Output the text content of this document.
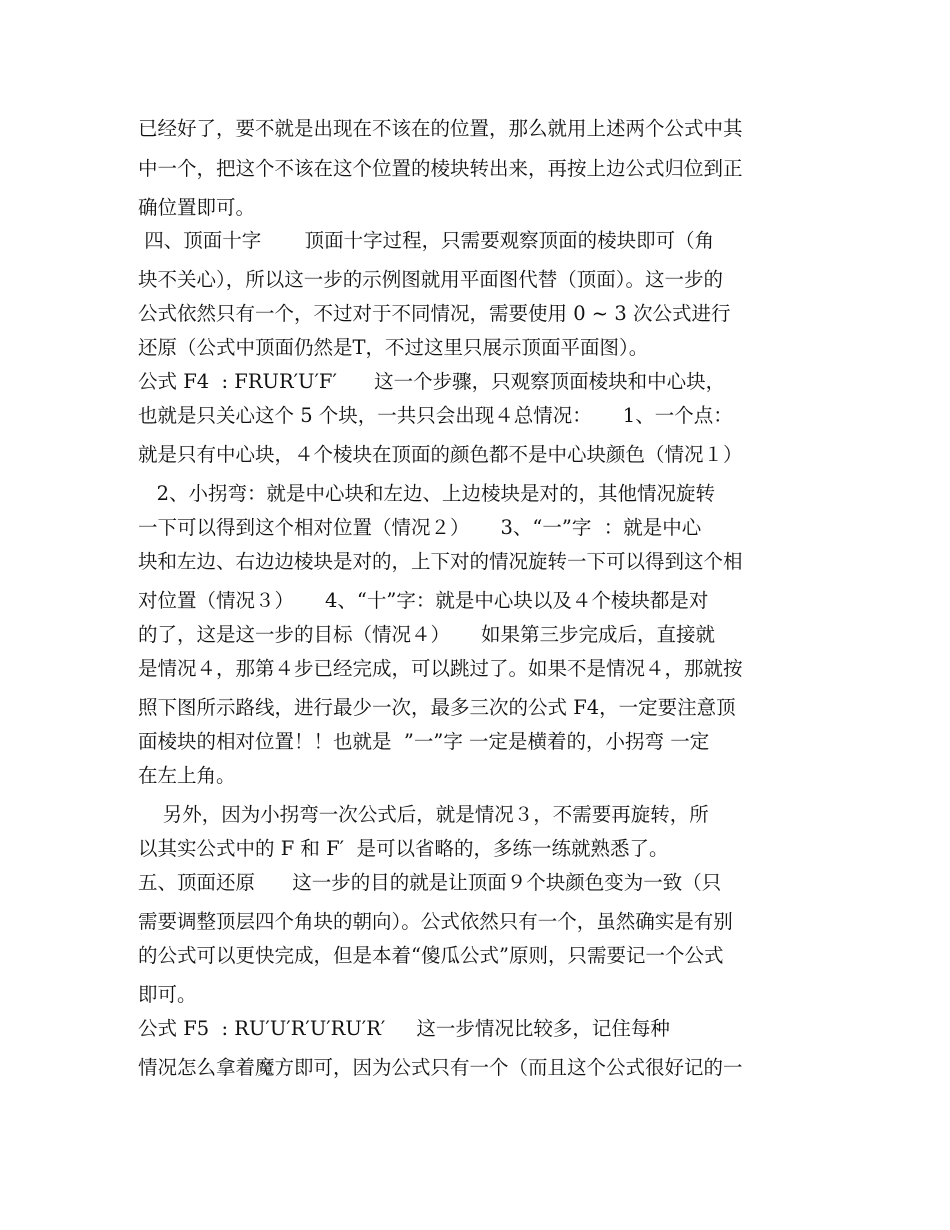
已经好了，要不就是出现在不该在的位置，那么就用上述两个公式中其
中一个，把这个不该在这个位置的棱块转出来，再按上边公式归位到正
确位置即可。
四、顶面十字       顶面十字过程，只需要观察顶面的棱块即可（角
块不关心），所以这一步的示例图就用平面图代替（顶面）。这一步的
公式依然只有一个，不过对于不同情况，需要使用 0 ~ 3 次公式进行
还原（公式中顶面仍然是T，不过这里只展示顶面平面图）。
公式 F4  : FRUR′U′F′      这一个步骤，只观察顶面棱块和中心块，
也就是只关心这个 5 个块，一共只会出现４总情况：     1、一个点：
就是只有中心块，４个棱块在顶面的颜色都不是中心块颜色（情况１）
2、小拐弯：就是中心块和左边、上边棱块是对的，其他情况旋转
一下可以得到这个相对位置（情况２）     3、“一”字  ：就是中心
块和左边、右边边棱块是对的，上下对的情况旋转一下可以得到这个相
对位置（情况３）     4、“十”字：就是中心块以及４个棱块都是对
的了，这是这一步的目标（情况４）     如果第三步完成后，直接就
是情况４，那第４步已经完成，可以跳过了。如果不是情况４，那就按
照下图所示路线，进行最少一次，最多三次的公式 F4，一定要注意顶
面棱块的相对位置！！也就是  ”一”字 一定是横着的，小拐弯 一定
在左上角。
另外，因为小拐弯一次公式后，就是情况３，不需要再旋转，所
以其实公式中的 F 和 F′  是可以省略的，多练一练就熟悉了。
五、顶面还原      这一步的目的就是让顶面９个块颜色变为一致（只
需要调整顶层四个角块的朝向）。公式依然只有一个，虽然确实是有别
的公式可以更快完成，但是本着“傻瓜公式”原则，只需要记一个公式
即可。
公式 F5  : RU′U′R′U′RU′R′     这一步情况比较多，记住每种
情况怎么拿着魔方即可，因为公式只有一个（而且这个公式很好记的一
